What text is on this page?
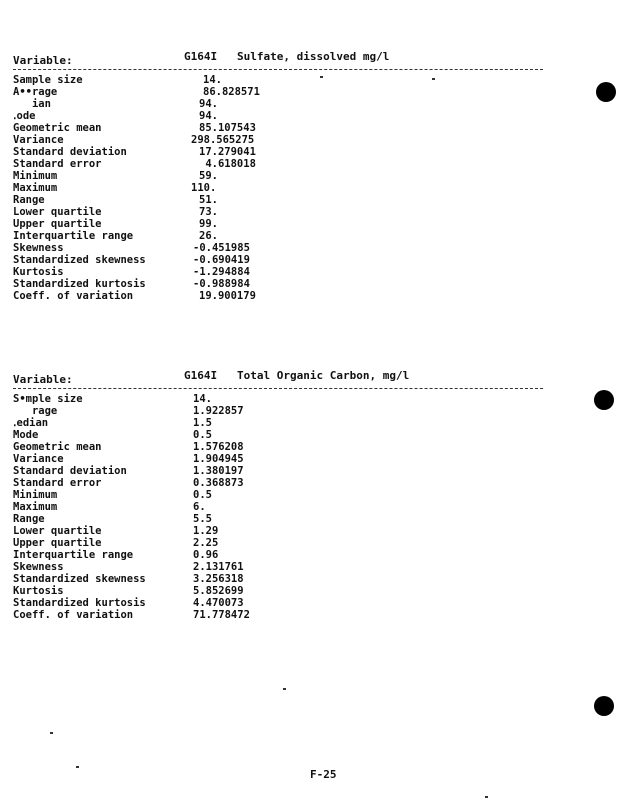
Variable:	G164I Sulfate, dissolved mg/l
Sample size	14.
A••rage	86.828571
ian	94.
․ode	94.
Geometric mean	85.107543
Variance	298.565275
Standard deviation	17.279041
Standard error	4.618018
Minimum	59.
Maximum	110.
Range	51.
Lower quartile	73.
Upper quartile	99.
Interquartile range	26.
Skewness	-0.451985
Standardized skewness	-0.690419
Kurtosis	-1.294884
Standardized kurtosis	-0.988984
Coeff. of variation	19.900179
Variable:	G164I Total Organic Carbon, mg/l
S•mple size	14.
rage	1.922857
․edian	1.5
Mode	0.5
Geometric mean	1.576208
Variance	1.904945
Standard deviation	1.380197
Standard error	0.368873
Minimum	0.5
Maximum	6.
Range	5.5
Lower quartile	1.29
Upper quartile	2.25
Interquartile range	0.96
Skewness	2.131761
Standardized skewness	3.256318
Kurtosis	5.852699
Standardized kurtosis	4.470073
Coeff. of variation	71.778472
F-25
